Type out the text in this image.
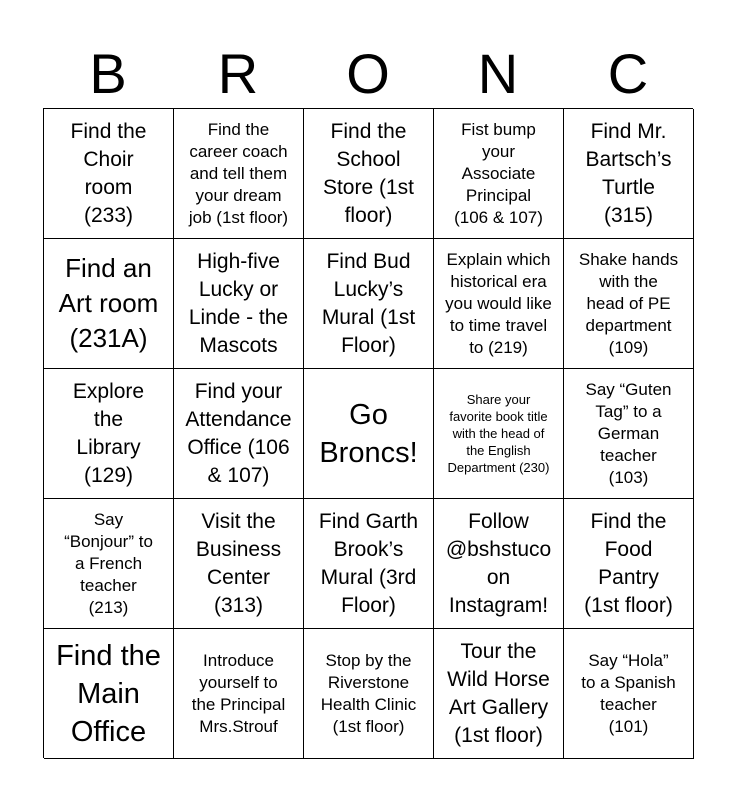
B	R	O	N	C
Find the
Choir
room
(233)
Find the
career coach
and tell them
your dream
job (1st floor)
Find the
School
Store (1st
floor)
Fist bump
your
Associate
Principal
(106 & 107)
Find Mr.
Bartsch’s
Turtle
(315)
Find an
Art room
(231A)
High-five
Lucky or
Linde - the
Mascots
Find Bud
Lucky’s
Mural (1st
Floor)
Explain which
historical era
you would like
to time travel
to (219)
Shake hands
with the
head of PE
department
(109)
Explore
the
Library
(129)
Find your
Attendance
Office (106
& 107)
Go
Broncs!
Share your
favorite book title
with the head of
the English
Department (230)
Say “Guten
Tag” to a
German
teacher
(103)
Say
“Bonjour” to
a French
teacher
(213)
Visit the
Business
Center
(313)
Find Garth
Brook’s
Mural (3rd
Floor)
Follow
@bshstuco
on
Instagram!
Find the
Food
Pantry
(1st floor)
Find the
Main
Office
Introduce
yourself to
the Principal
Mrs.Strouf
Stop by the
Riverstone
Health Clinic
(1st floor)
Tour the
Wild Horse
Art Gallery
(1st floor)
Say “Hola”
to a Spanish
teacher
(101)
